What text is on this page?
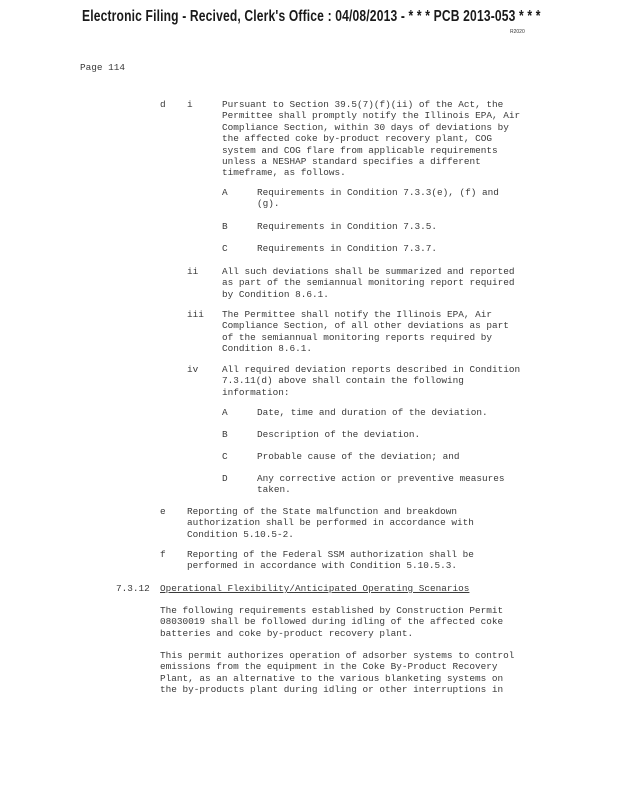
Electronic Filing - Recived, Clerk's Office : 04/08/2013 - * * * PCB 2013-053 * * *
R2020
Page 114
d i	Pursuant to Section 39.5(7)(f)(ii) of the Act, the
Permittee shall promptly notify the Illinois EPA, Air
Compliance Section, within 30 days of deviations by
the affected coke by-product recovery plant, COG
system and COG flare from applicable requirements
unless a NESHAP standard specifies a different
timeframe, as follows.
A	Requirements in Condition 7.3.3(e), (f) and
(g).
B	Requirements in Condition 7.3.5.
C	Requirements in Condition 7.3.7.
ii	All such deviations shall be summarized and reported
as part of the semiannual monitoring report required
by Condition 8.6.1.
iii The Permittee shall notify the Illinois EPA, Air
Compliance Section, of all other deviations as part
of the semiannual monitoring reports required by
Condition 8.6.1.
iv	All required deviation reports described in Condition
7.3.11(d) above shall contain the following
information:
A	Date, time and duration of the deviation.
B	Description of the deviation.
C	Probable cause of the deviation; and
D	Any corrective action or preventive measures
taken.
e Reporting of the State malfunction and breakdown
authorization shall be performed in accordance with
Condition 5.10.5-2.
f Reporting of the Federal SSM authorization shall be
performed in accordance with Condition 5.10.5.3.
7.3.12 Operational Flexibility/Anticipated Operating Scenarios
The following requirements established by Construction Permit
08030019 shall be followed during idling of the affected coke
batteries and coke by-product recovery plant.
This permit authorizes operation of adsorber systems to control
emissions from the equipment in the Coke By-Product Recovery
Plant, as an alternative to the various blanketing systems on
the by-products plant during idling or other interruptions in
